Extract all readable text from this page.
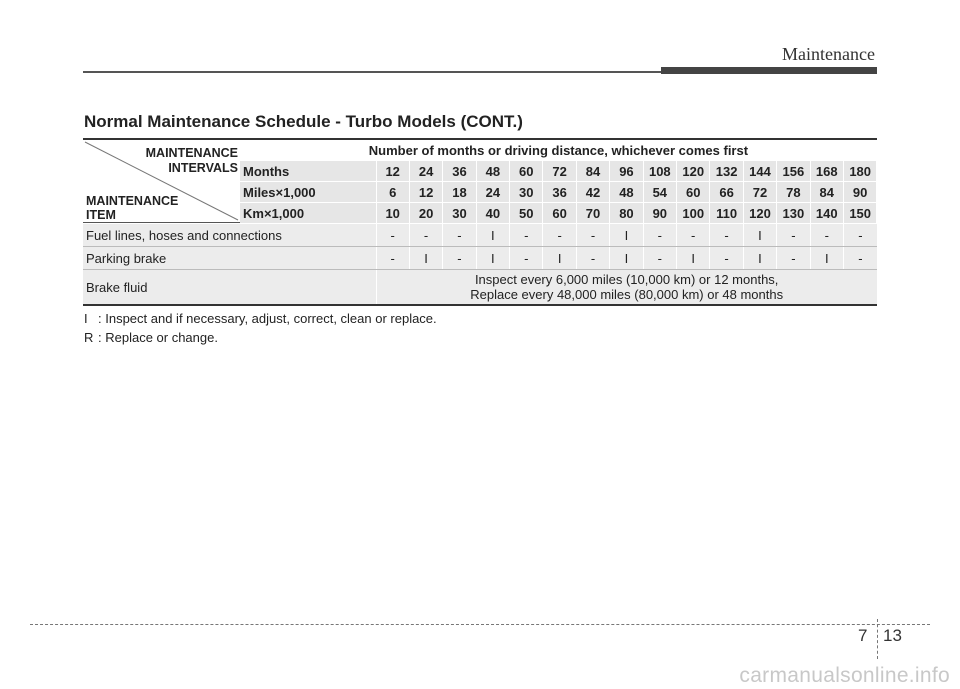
Maintenance
Normal Maintenance Schedule - Turbo Models (CONT.)
MAINTENANCE
INTERVALS
MAINTENANCE
ITEM	Number of months or driving distance, whichever comes first															
	Months	12	24	36	48	60	72	84	96	108	120	132	144	156	168	180
	Miles×1,000	6	12	18	24	30	36	42	48	54	60	66	72	78	84	90
	Km×1,000	10	20	30	40	50	60	70	80	90	100	110	120	130	140	150
Fuel lines, hoses and connections		-	-	-	I	-	-	-	I	-	-	-	I	-	-	-
Parking brake		-	I	-	I	-	I	-	I	-	I	-	I	-	I	-
Brake fluid		Inspect every 6,000 miles (10,000 km) or 12 months,
Replace every 48,000 miles (80,000 km) or 48 months														
I : Inspect and if necessary, adjust, correct, clean or replace.
R : Replace or change.
7 13
carmanualsonline.info
